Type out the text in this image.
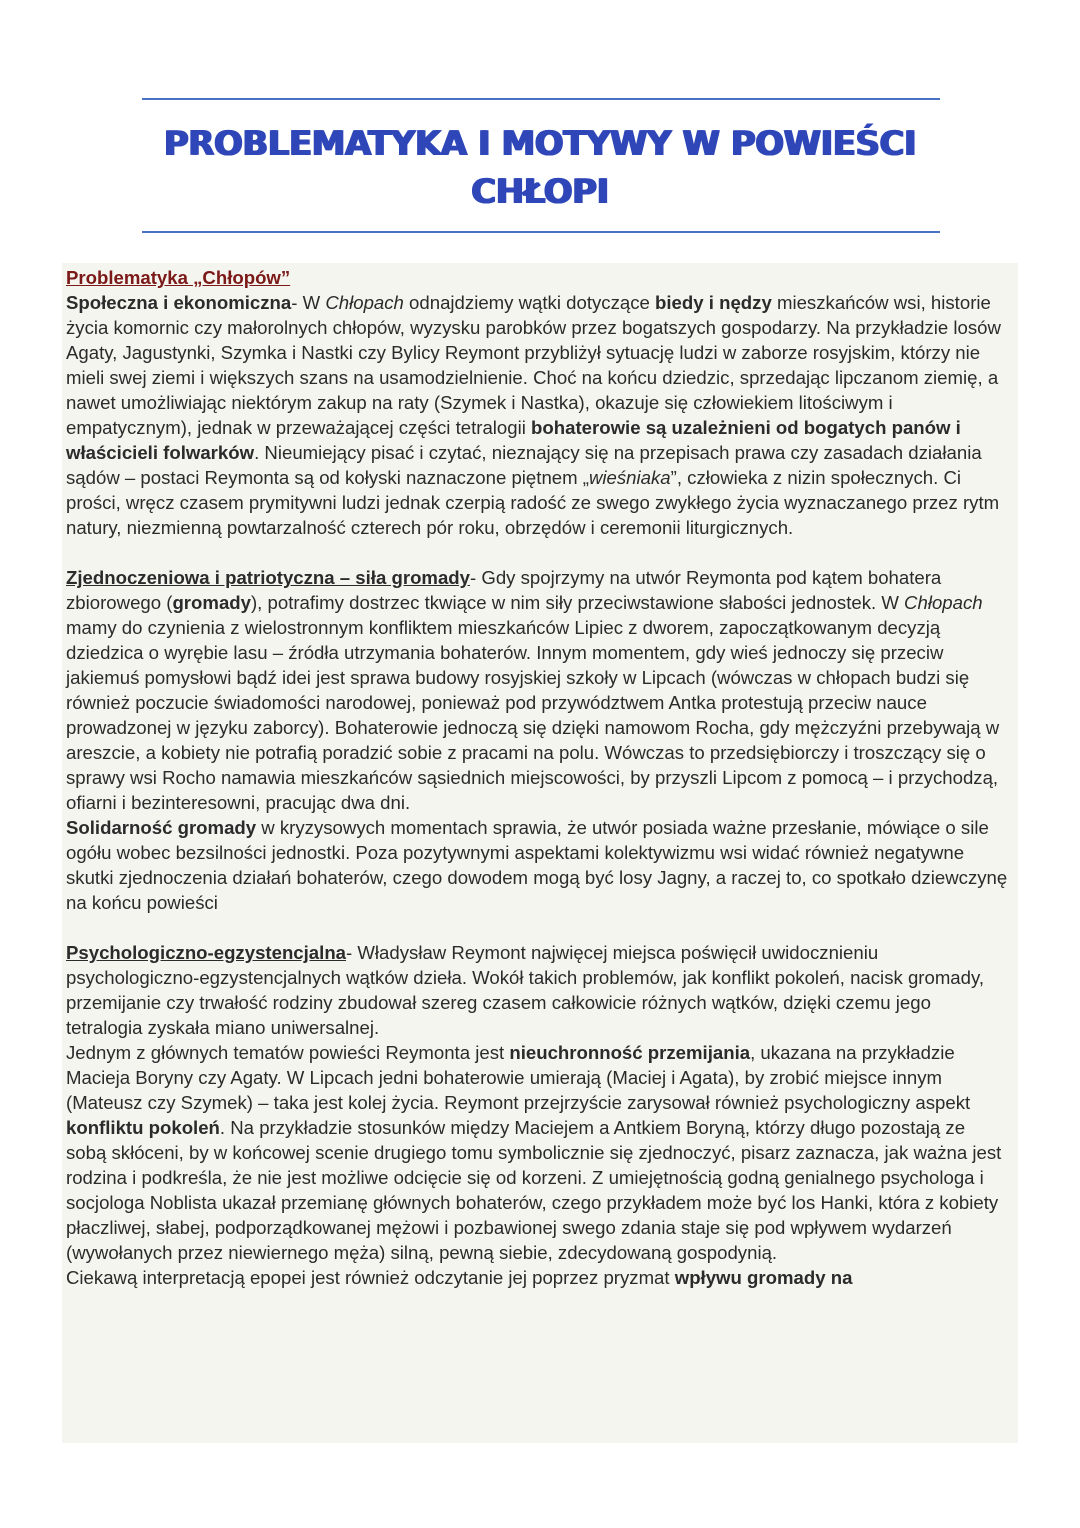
PROBLEMATYKA I MOTYWY W POWIEŚCI
CHŁOPI

Problematyka „Chłopów”

Społeczna i ekonomiczna- W Chłopach odnajdziemy wątki dotyczące biedy i nędzy mieszkańców wsi, historie życia komornic czy małorolnych chłopów, wyzysku parobków przez bogatszych gospodarzy. Na przykładzie losów Agaty, Jagustynki, Szymka i Nastki czy Bylicy Reymont przybliżył sytuację ludzi w zaborze rosyjskim, którzy nie mieli swej ziemi i większych szans na usamodzielnienie. Choć na końcu dziedzic, sprzedając lipczanom ziemię, a nawet umożliwiając niektórym zakup na raty (Szymek i Nastka), okazuje się człowiekiem litościwym i empatycznym), jednak w przeważającej części tetralogii bohaterowie są uzależnieni od bogatych panów i właścicieli folwarków. Nieumiejący pisać i czytać, nieznający się na przepisach prawa czy zasadach działania sądów – postaci Reymonta są od kołyski naznaczone piętnem „wieśniaka”, człowieka z nizin społecznych. Ci prości, wręcz czasem prymitywni ludzi jednak czerpią radość ze swego zwykłego życia wyznaczanego przez rytm natury, niezmienną powtarzalność czterech pór roku, obrzędów i ceremonii liturgicznych.

Zjednoczeniowa i patriotyczna – siła gromady- Gdy spojrzymy na utwór Reymonta pod kątem bohatera zbiorowego (gromady), potrafimy dostrzec tkwiące w nim siły przeciwstawione słabości jednostek. W Chłopach mamy do czynienia z wielostronnym konfliktem mieszkańców Lipiec z dworem, zapoczątkowanym decyzją dziedzica o wyrębie lasu – źródła utrzymania bohaterów. Innym momentem, gdy wieś jednoczy się przeciw jakiemuś pomysłowi bądź idei jest sprawa budowy rosyjskiej szkoły w Lipcach (wówczas w chłopach budzi się również poczucie świadomości narodowej, ponieważ pod przywództwem Antka protestują przeciw nauce prowadzonej w języku zaborcy). Bohaterowie jednoczą się dzięki namowom Rocha, gdy mężczyźni przebywają w areszcie, a kobiety nie potrafią poradzić sobie z pracami na polu. Wówczas to przedsiębiorczy i troszczący się o sprawy wsi Rocho namawia mieszkańców sąsiednich miejscowości, by przyszli Lipcom z pomocą – i przychodzą, ofiarni i bezinteresowni, pracując dwa dni.

Solidarność gromady w kryzysowych momentach sprawia, że utwór posiada ważne przesłanie, mówiące o sile ogółu wobec bezsilności jednostki. Poza pozytywnymi aspektami kolektywizmu wsi widać również negatywne skutki zjednoczenia działań bohaterów, czego dowodem mogą być losy Jagny, a raczej to, co spotkało dziewczynę na końcu powieści

Psychologiczno-egzystencjalna- Władysław Reymont najwięcej miejsca poświęcił uwidocznieniu psychologiczno-egzystencjalnych wątków dzieła. Wokół takich problemów, jak konflikt pokoleń, nacisk gromady, przemijanie czy trwałość rodziny zbudował szereg czasem całkowicie różnych wątków, dzięki czemu jego tetralogia zyskała miano uniwersalnej.

Jednym z głównych tematów powieści Reymonta jest nieuchronność przemijania, ukazana na przykładzie Macieja Boryny czy Agaty. W Lipcach jedni bohaterowie umierają (Maciej i Agata), by zrobić miejsce innym (Mateusz czy Szymek) – taka jest kolej życia. Reymont przejrzyście zarysował również psychologiczny aspekt konfliktu pokoleń. Na przykładzie stosunków między Maciejem a Antkiem Boryną, którzy długo pozostają ze sobą skłóceni, by w końcowej scenie drugiego tomu symbolicznie się zjednoczyć, pisarz zaznacza, jak ważna jest rodzina i podkreśla, że nie jest możliwe odcięcie się od korzeni. Z umiejętnością godną genialnego psychologa i socjologa Noblista ukazał przemianę głównych bohaterów, czego przykładem może być los Hanki, która z kobiety płaczliwej, słabej, podporządkowanej mężowi i pozbawionej swego zdania staje się pod wpływem wydarzeń (wywołanych przez niewiernego męża) silną, pewną siebie, zdecydowaną gospodynią.

Ciekawą interpretacją epopei jest również odczytanie jej poprzez pryzmat wpływu gromady na
